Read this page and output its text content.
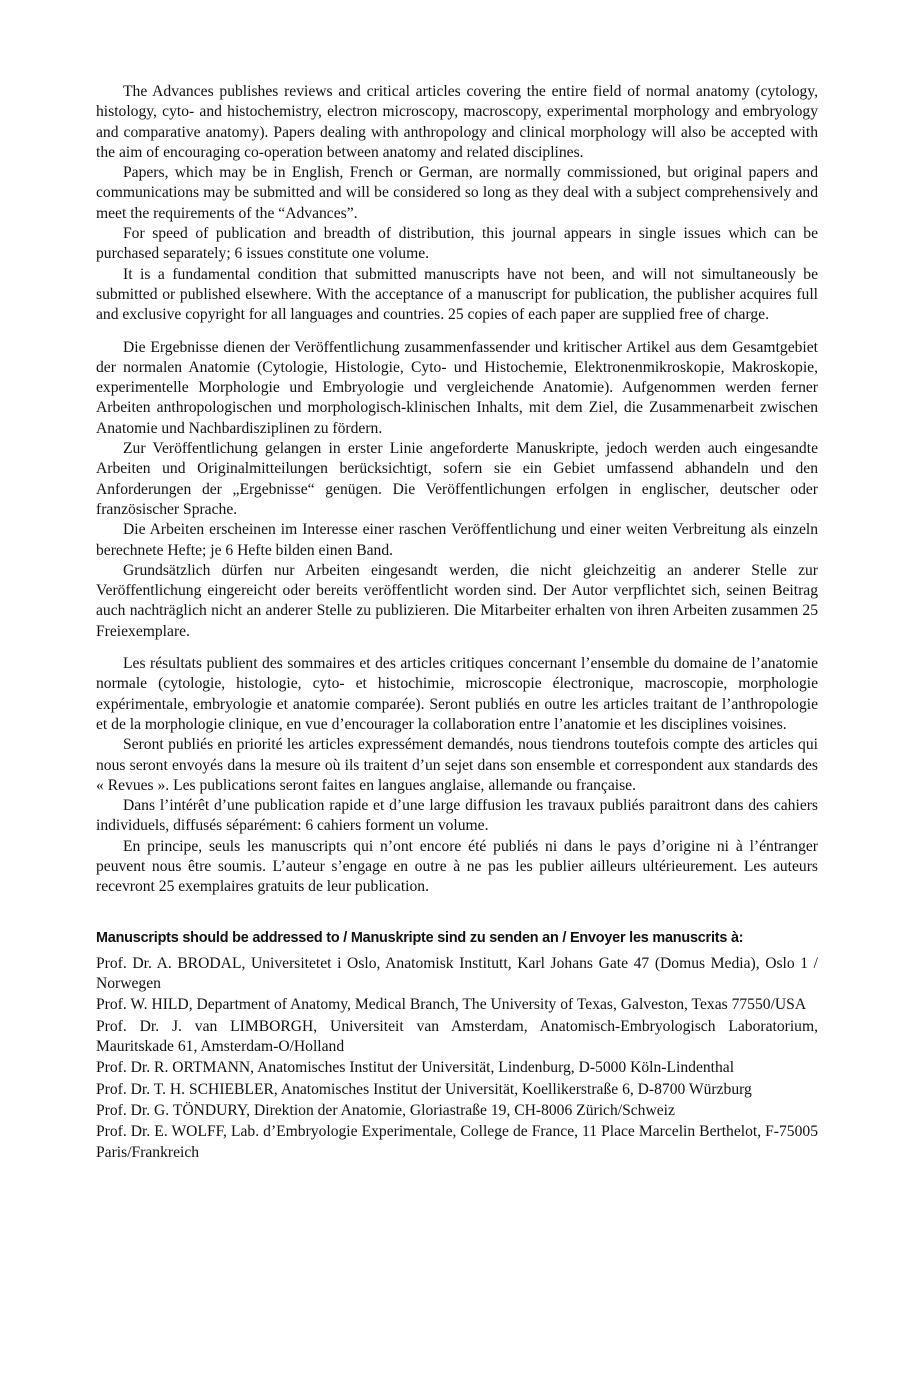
The Advances publishes reviews and critical articles covering the entire field of normal anatomy (cytology, histology, cyto- and histochemistry, electron microscopy, macroscopy, experimental morphology and embryology and comparative anatomy). Papers dealing with anthropology and clinical morphology will also be accepted with the aim of encouraging co-operation between anatomy and related disciplines.

Papers, which may be in English, French or German, are normally commissioned, but original papers and communications may be submitted and will be considered so long as they deal with a subject comprehensively and meet the requirements of the “Advances”.

For speed of publication and breadth of distribution, this journal appears in single issues which can be purchased separately; 6 issues constitute one volume.

It is a fundamental condition that submitted manuscripts have not been, and will not simultaneously be submitted or published elsewhere. With the acceptance of a manuscript for publication, the publisher acquires full and exclusive copyright for all languages and countries. 25 copies of each paper are supplied free of charge.

Die Ergebnisse dienen der Veröffentlichung zusammenfassender und kritischer Artikel aus dem Gesamtgebiet der normalen Anatomie (Cytologie, Histologie, Cyto- und Histochemie, Elektronenmikroskopie, Makroskopie, experimentelle Morphologie und Embryologie und vergleichende Anatomie). Aufgenommen werden ferner Arbeiten anthropologischen und morphologisch-klinischen Inhalts, mit dem Ziel, die Zusammenarbeit zwischen Anatomie und Nachbardisziplinen zu fördern.

Zur Veröffentlichung gelangen in erster Linie angeforderte Manuskripte, jedoch werden auch eingesandte Arbeiten und Originalmitteilungen berücksichtigt, sofern sie ein Gebiet umfassend abhandeln und den Anforderungen der „Ergebnisse“ genügen. Die Veröffentlichungen erfolgen in englischer, deutscher oder französischer Sprache.

Die Arbeiten erscheinen im Interesse einer raschen Veröffentlichung und einer weiten Verbreitung als einzeln berechnete Hefte; je 6 Hefte bilden einen Band.

Grundsätzlich dürfen nur Arbeiten eingesandt werden, die nicht gleichzeitig an anderer Stelle zur Veröffentlichung eingereicht oder bereits veröffentlicht worden sind. Der Autor verpflichtet sich, seinen Beitrag auch nachträglich nicht an anderer Stelle zu publizieren. Die Mitarbeiter erhalten von ihren Arbeiten zusammen 25 Freiexemplare.

Les résultats publient des sommaires et des articles critiques concernant l’ensemble du domaine de l’anatomie normale (cytologie, histologie, cyto- et histochimie, microscopie électronique, macroscopie, morphologie expérimentale, embryologie et anatomie comparée). Seront publiés en outre les articles traitant de l’anthropologie et de la morphologie clinique, en vue d’encourager la collaboration entre l’anatomie et les disciplines voisines.

Seront publiés en priorité les articles expressément demandés, nous tiendrons toutefois compte des articles qui nous seront envoyés dans la mesure où ils traitent d’un sejet dans son ensemble et correspondent aux standards des « Revues ». Les publications seront faites en langues anglaise, allemande ou française.

Dans l’intérêt d’une publication rapide et d’une large diffusion les travaux publiés paraitront dans des cahiers individuels, diffusés séparément: 6 cahiers forment un volume.

En principe, seuls les manuscripts qui n’ont encore été publiés ni dans le pays d’origine ni à l’éntranger peuvent nous être soumis. L’auteur s’engage en outre à ne pas les publier ailleurs ultérieurement. Les auteurs recevront 25 exemplaires gratuits de leur publication.

Manuscripts should be addressed to / Manuskripte sind zu senden an / Envoyer les manuscrits à:
Prof. Dr. A. BRODAL, Universitetet i Oslo, Anatomisk Institutt, Karl Johans Gate 47 (Domus Media), Oslo 1 / Norwegen
Prof. W. HILD, Department of Anatomy, Medical Branch, The University of Texas, Galveston, Texas 77550/USA
Prof. Dr. J. van LIMBORGH, Universiteit van Amsterdam, Anatomisch-Embryologisch Laboratorium, Mauritskade 61, Amsterdam-O/Holland
Prof. Dr. R. ORTMANN, Anatomisches Institut der Universität, Lindenburg, D-5000 Köln-Lindenthal
Prof. Dr. T. H. SCHIEBLER, Anatomisches Institut der Universität, Koellikerstraße 6, D-8700 Würzburg
Prof. Dr. G. TÖNDURY, Direktion der Anatomie, Gloriastraße 19, CH-8006 Zürich/Schweiz
Prof. Dr. E. WOLFF, Lab. d’Embryologie Experimentale, College de France, 11 Place Marcelin Berthelot, F-75005 Paris/Frankreich
